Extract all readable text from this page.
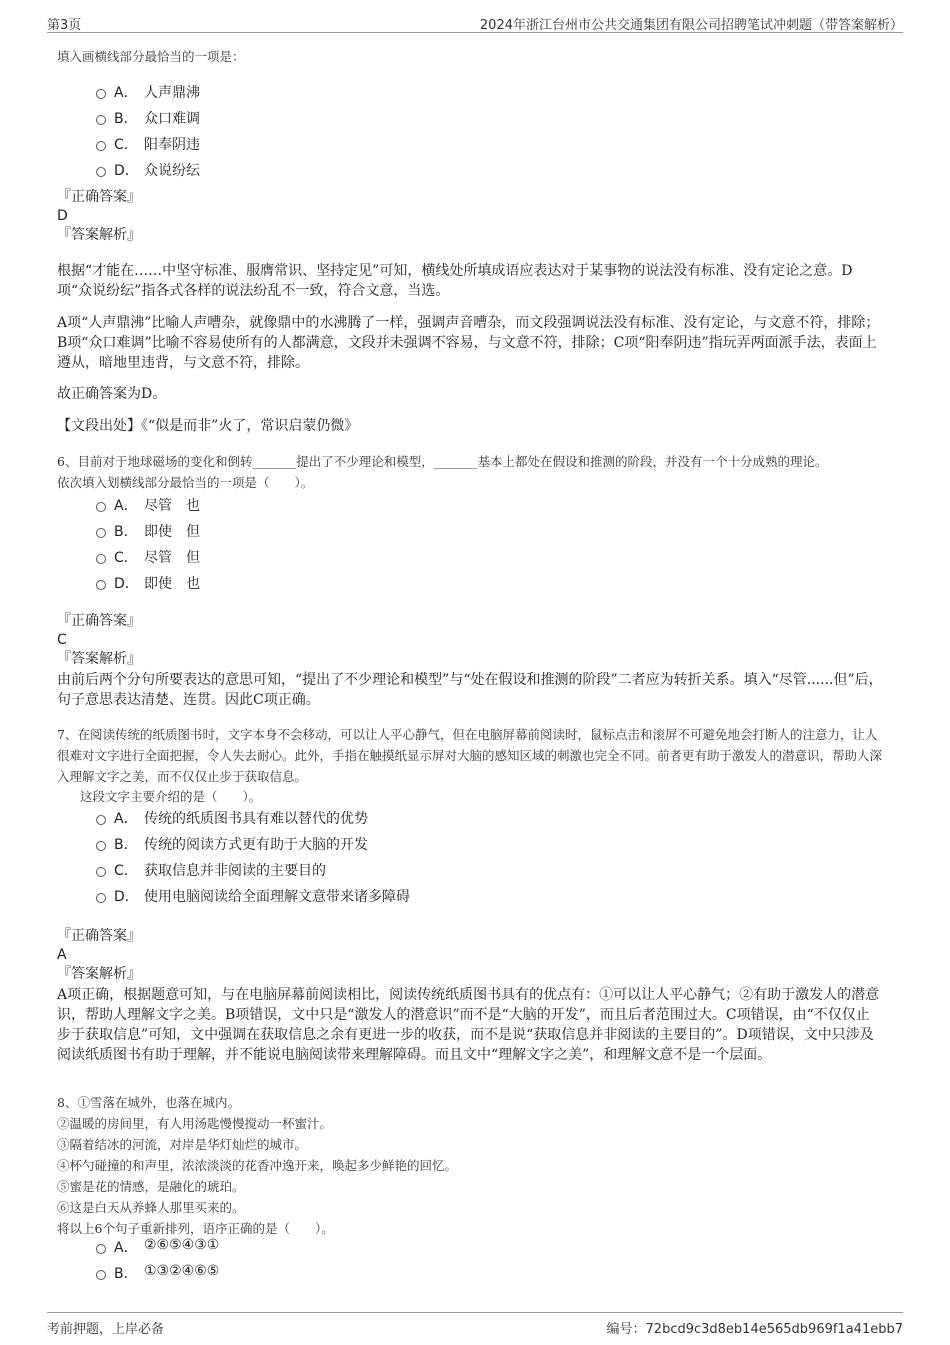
第3页	2024年浙江台州市公共交通集团有限公司招聘笔试冲刺题（带答案解析）
填入画横线部分最恰当的一项是：
A． 人声鼎沸
B． 众口难调
C． 阳奉阴违
D． 众说纷纭
『正确答案』
D
『答案解析』
根据“才能在……中坚守标准、服膺常识、坚持定见”可知，横线处所填成语应表达对于某事物的说法没有标准、没有定论之意。D项“众说纷纭”指各式各样的说法纷乱不一致，符合文意，当选。
A项“人声鼎沸”比喻人声嘈杂，就像鼎中的水沸腾了一样，强调声音嘈杂，而文段强调说法没有标准、没有定论，与文意不符，排除；B项“众口难调”比喻不容易使所有的人都满意，文段并未强调不容易，与文意不符，排除；C项“阳奉阴违”指玩弄两面派手法，表面上遵从，暗地里违背，与文意不符，排除。
故正确答案为D。
【文段出处】《“似是而非”火了，常识启蒙仍微》
6、目前对于地球磁场的变化和倒转_______提出了不少理论和模型，_______基本上都处在假设和推测的阶段，并没有一个十分成熟的理论。
依次填入划横线部分最恰当的一项是（　　）。
A． 尽管　也
B． 即使　但
C． 尽管　但
D． 即使　也
『正确答案』
C
『答案解析』
由前后两个分句所要表达的意思可知，“提出了不少理论和模型”与“处在假设和推测的阶段”二者应为转折关系。填入“尽管......但”后，句子意思表达清楚、连贯。因此C项正确。
7、在阅读传统的纸质图书时，文字本身不会移动，可以让人平心静气，但在电脑屏幕前阅读时，鼠标点击和滚屏不可避免地会打断人的注意力，让人很难对文字进行全面把握，令人失去耐心。此外，手指在触摸纸显示屏对大脑的感知区域的刺激也完全不同。前者更有助于激发人的潜意识，帮助人深入理解文字之美，而不仅仅止步于获取信息。
这段文字主要介绍的是（　　）。
A． 传统的纸质图书具有难以替代的优势
B． 传统的阅读方式更有助于大脑的开发
C． 获取信息并非阅读的主要目的
D． 使用电脑阅读给全面理解文意带来诸多障碍
『正确答案』
A
『答案解析』
A项正确，根据题意可知，与在电脑屏幕前阅读相比，阅读传统纸质图书具有的优点有：①可以让人平心静气；②有助于激发人的潜意识，帮助人理解文字之美。B项错误，文中只是“激发人的潜意识”而不是“大脑的开发”，而且后者范围过大。C项错误，由“不仅仅止步于获取信息”可知，文中强调在获取信息之余有更进一步的收获，而不是说“获取信息并非阅读的主要目的”。D项错误，文中只涉及阅读纸质图书有助于理解，并不能说电脑阅读带来理解障碍。而且文中“理解文字之美”，和理解文意不是一个层面。
8、①雪落在城外，也落在城内。
②温暖的房间里，有人用汤匙慢慢搅动一杯蜜汁。
③隔着结冰的河流，对岸是华灯灿烂的城市。
④杯勺碰撞的和声里，浓浓淡淡的花香冲逸开来，唤起多少鲜艳的回忆。
⑤蜜是花的情感，是融化的琥珀。
⑥这是白天从养蜂人那里买来的。
将以上6个句子重新排列，语序正确的是（　　）。
A． ②⑥⑤④③①
B． ①③②④⑥⑤
考前押题，上岸必备	编号：72bcd9c3d8eb14e565db969f1a41ebb7
